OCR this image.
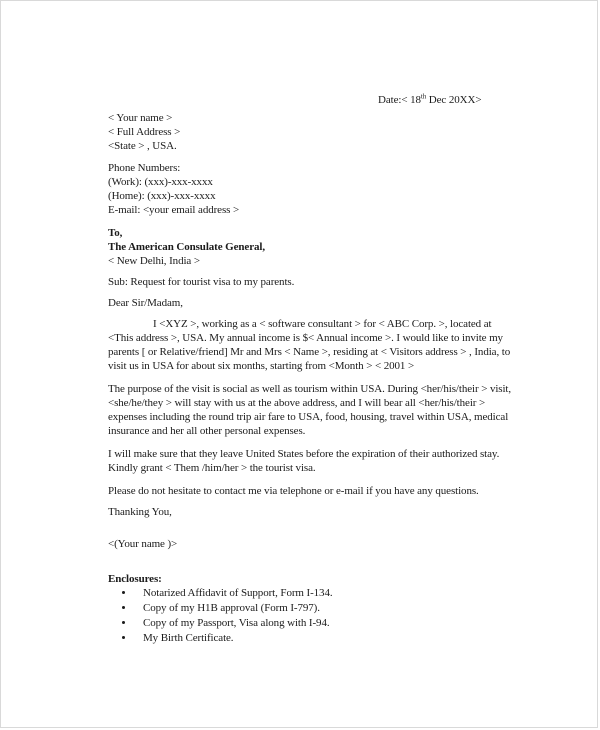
Date:< 18th Dec 20XX>
< Your name >
< Full Address >
<State > , USA.
Phone Numbers:
(Work): (xxx)-xxx-xxxx
(Home): (xxx)-xxx-xxxx
E-mail: <your email address >
To,
The American Consulate General,
< New Delhi, India >
Sub: Request for tourist visa to my parents.
Dear Sir/Madam,

I <XYZ >, working as a < software consultant > for < ABC Corp. >, located at <This address >, USA. My annual income is $< Annual income >. I would like to invite my parents [ or Relative/friend] Mr and Mrs < Name >, residing at < Visitors address > , India, to visit us in USA for about six months, starting from <Month > < 2001 >

The purpose of the visit is social as well as tourism within USA. During <her/his/their > visit, <she/he/they > will stay with us at the above address, and I will bear all <her/his/their > expenses including the round trip air fare to USA, food, housing, travel within USA, medical insurance and her all other personal expenses.

I will make sure that they leave United States before the expiration of their authorized stay. Kindly grant < Them /him/her > the tourist visa.

Please do not hesitate to contact me via telephone or e-mail if you have any questions.

Thanking You,
<(Your name )>
Enclosures:
• Notarized Affidavit of Support, Form I-134.
• Copy of my H1B approval (Form I-797).
• Copy of my Passport, Visa along with I-94.
• My Birth Certificate.
